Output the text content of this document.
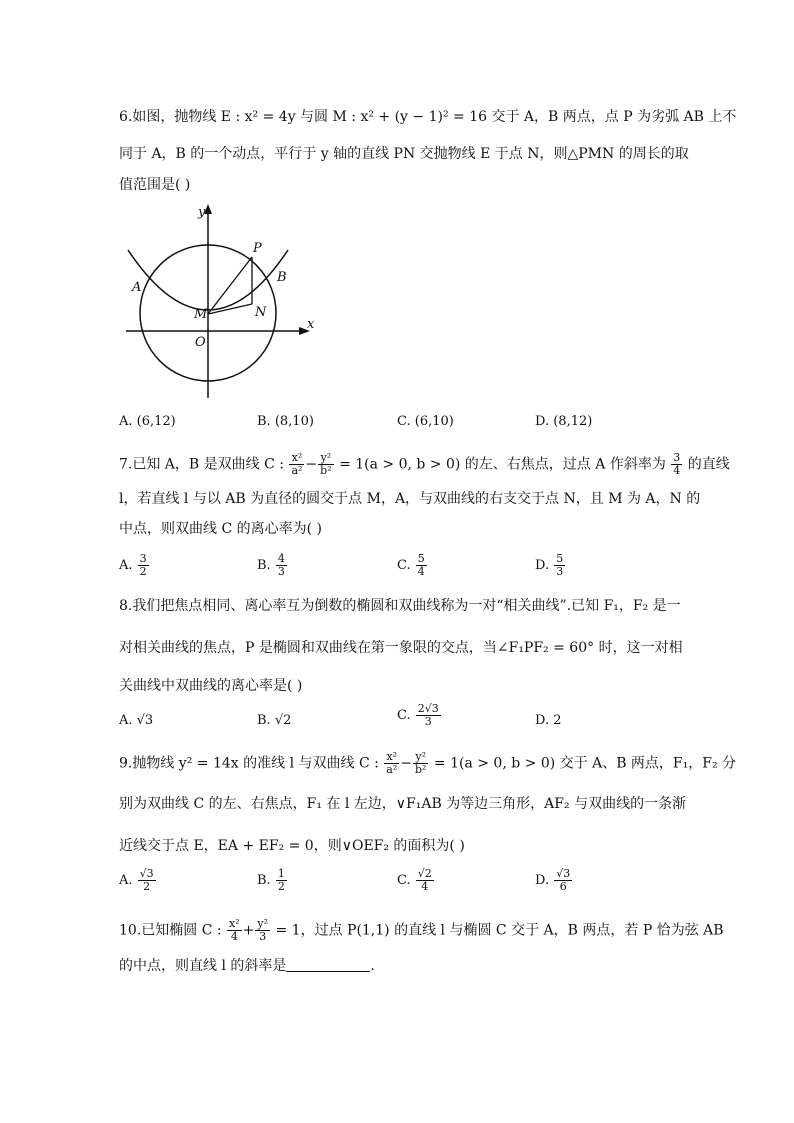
6.如图，抛物线 E : x² = 4y 与圆 M : x² + (y − 1)² = 16 交于 A，B 两点，点 P 为劣弧 AB 上不
同于 A，B 的一个动点，平行于 y 轴的直线 PN 交抛物线 E 于点 N，则△PMN 的周长的取
值范围是( )
y
x
P
B
A
M	N
O
A. (6,12)	B. (8,10)	C. (6,10)	D. (8,12)
7.已知 A，B 是双曲线 C : $\frac{\text{x²}}{\text{a²}} - \frac{\text{y²}}{\text{b²}} = 1(a > 0$, b > 0) 的左、右焦点，过点 A 作斜率为 $\frac{3}{4}$ 的直线
l，若直线 l 与以 AB 为直径的圆交于点 M，A，与双曲线的右支交于点 N，且 M 为 A，N 的
中点，则双曲线 C 的离心率为( )
A. $\frac{3}{2}$	B. $\frac{4}{3}$	C. $\frac{5}{4}$	D. $\frac{5}{3}$
8.我们把焦点相同、离心率互为倒数的椭圆和双曲线称为一对“相关曲线”.已知 F₁，F₂ 是一
对相关曲线的焦点，P 是椭圆和双曲线在第一象限的交点，当∠F₁PF₂ = 60° 时，这一对相
关曲线中双曲线的离心率是( )
A. √3	B. √2	C. $\frac{2√3}{3}$	D. 2
9.抛物线 y² = 14x 的准线 l 与双曲线 C : $\frac{\text{x²}}{\text{a²}} - \frac{\text{y²}}{\text{b²}} = 1(a > 0$, b > 0) 交于 A、B 两点，F₁，F₂ 分
别为双曲线 C 的左、右焦点，F₁ 在 l 左边，∨F₁AB 为等边三角形，AF₂ 与双曲线的一条渐
近线交于点 E，EA + EF₂ = 0，则∨OEF₂ 的面积为( )
A. $\frac{√3}{2}$	B. $\frac{1}{2}$	C. $\frac{√2}{4}$	D. $\frac{√3}{6}$
10.已知椭圆 C : $\frac{\text{x²}}{4} + \frac{\text{y²}}{3} = 1$，过点 P(1,1) 的直线 l 与椭圆 C 交于 A，B 两点，若 P 恰为弦 AB
的中点，则直线 l 的斜率是	.
